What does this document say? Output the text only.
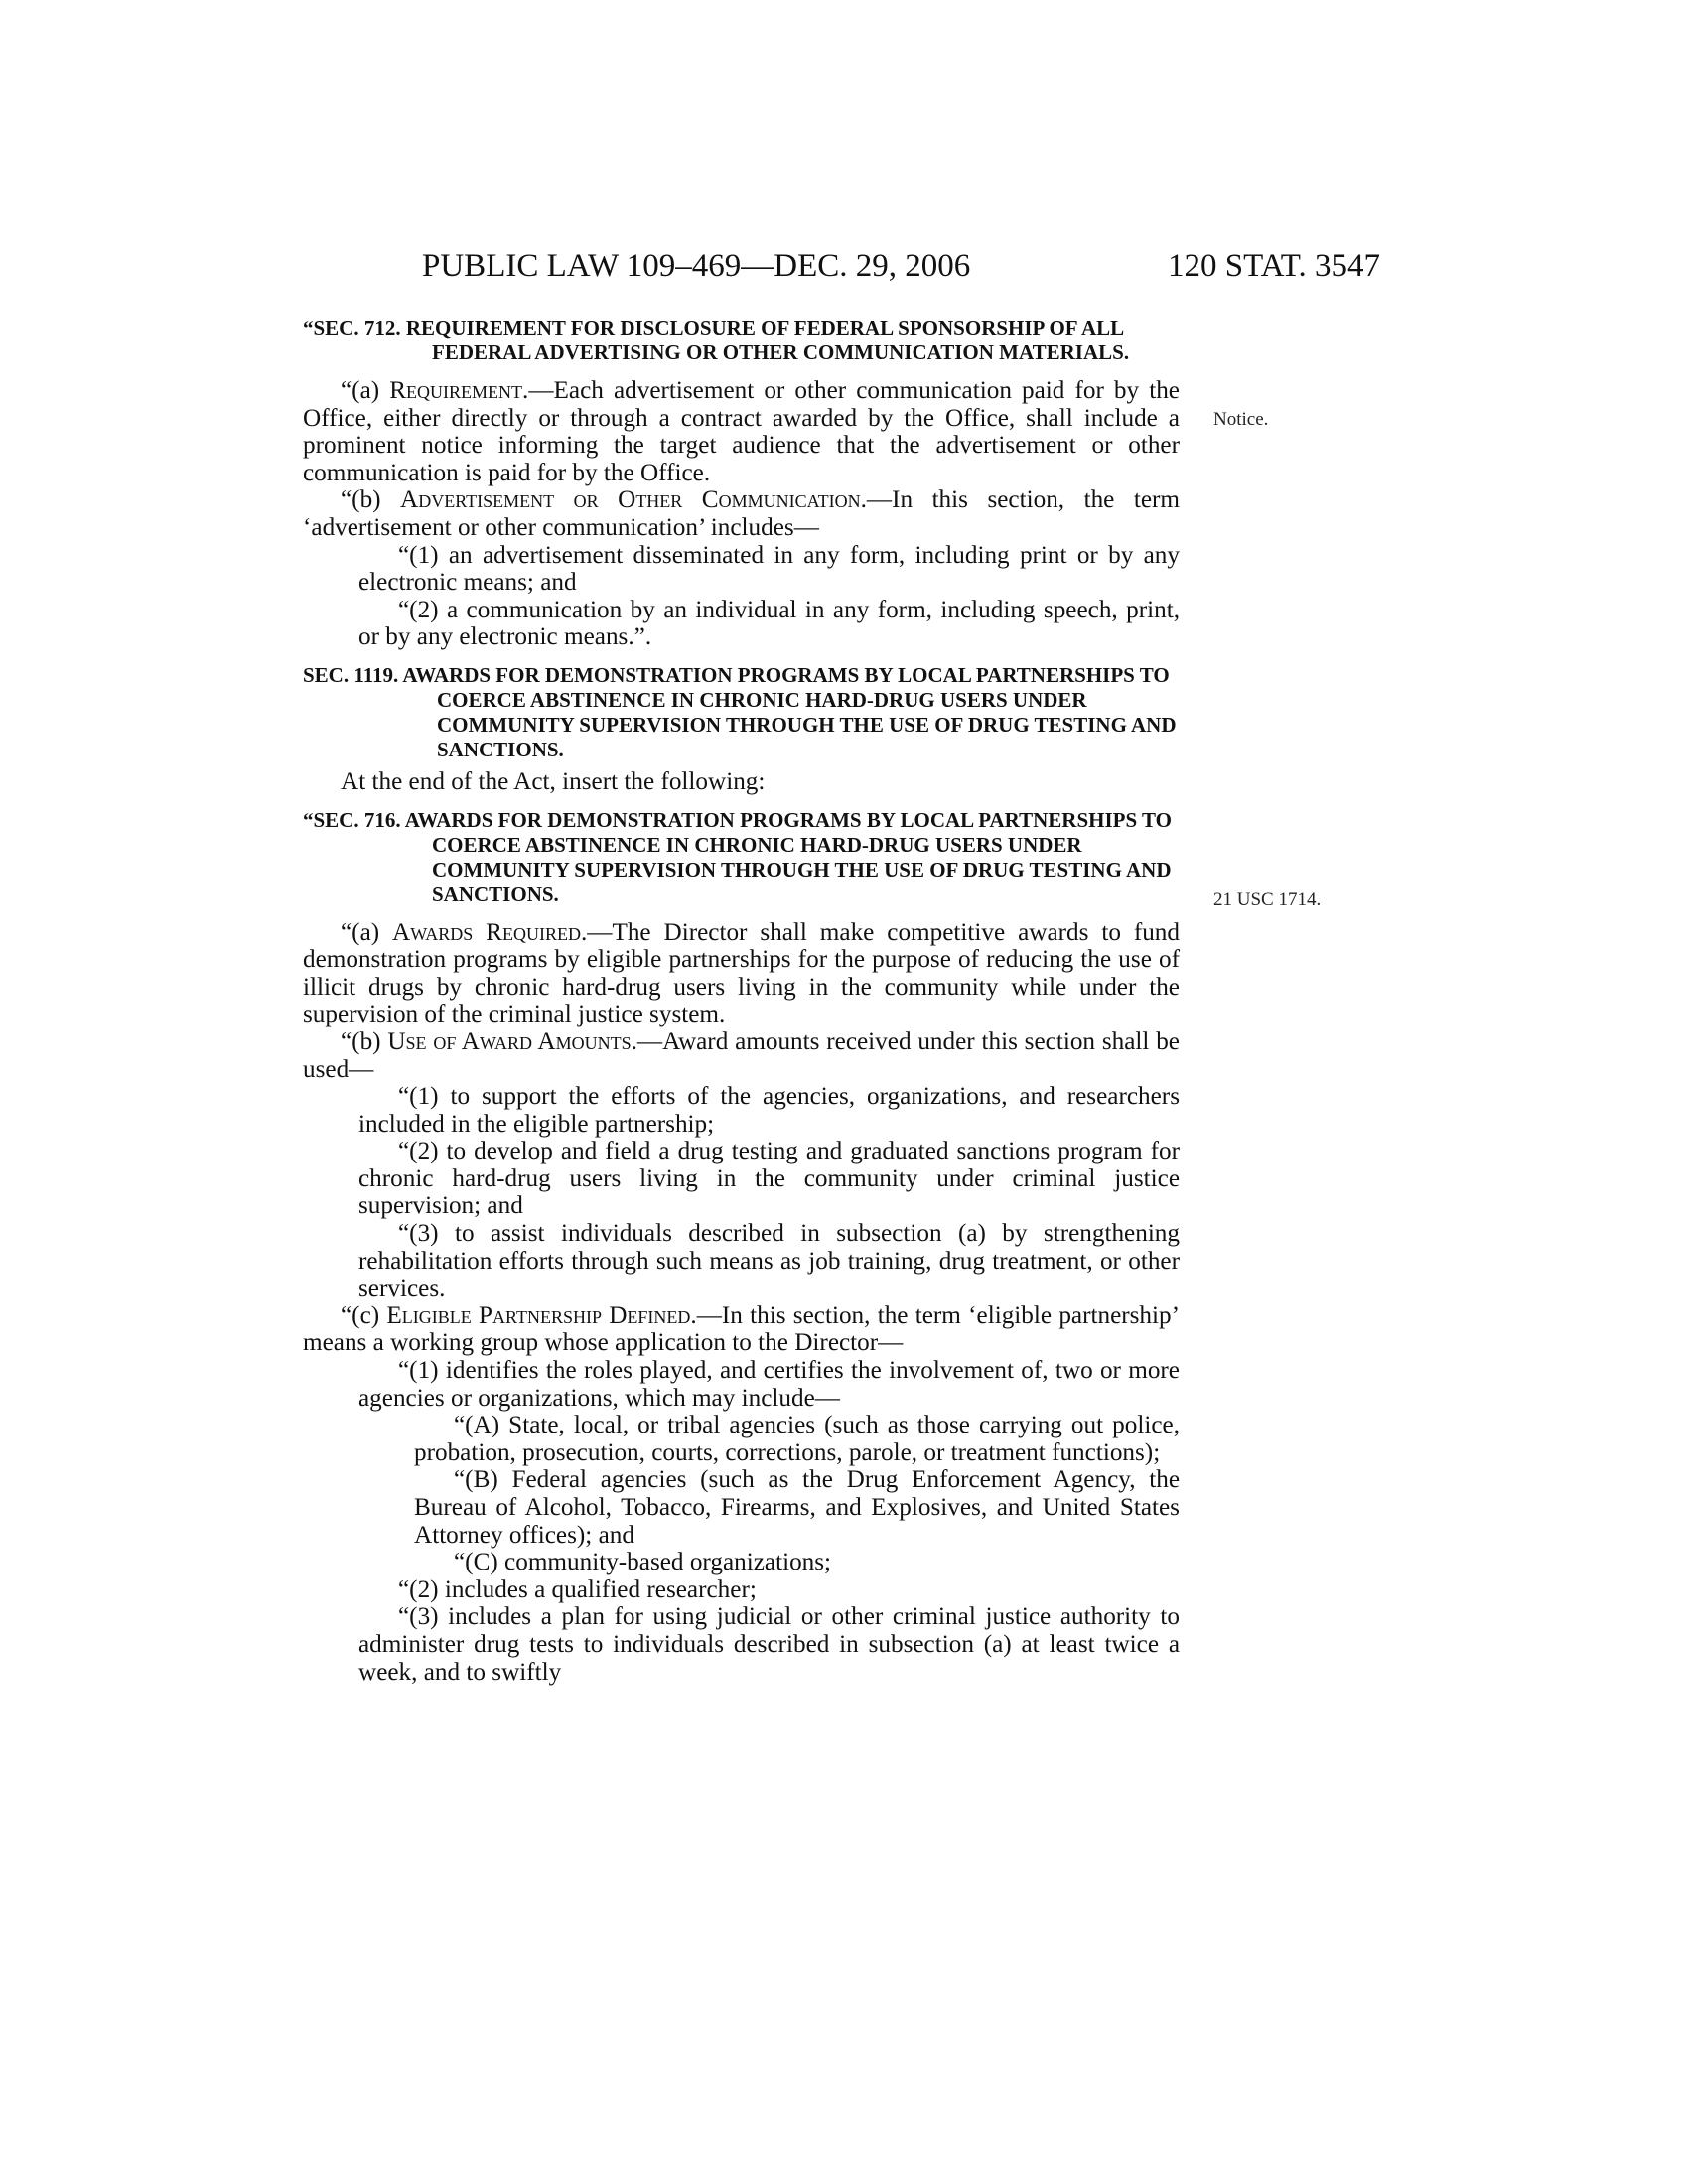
PUBLIC LAW 109–469—DEC. 29, 2006	120 STAT. 3547
Notice.
21 USC 1714.

“SEC. 712. REQUIREMENT FOR DISCLOSURE OF FEDERAL SPONSORSHIP OF ALL FEDERAL ADVERTISING OR OTHER COMMUNICATION MATERIALS.

“(a) Requirement.—Each advertisement or other communication paid for by the Office, either directly or through a contract awarded by the Office, shall include a prominent notice informing the target audience that the advertisement or other communication is paid for by the Office.

“(b) Advertisement or Other Communication.—In this section, the term ‘advertisement or other communication’ includes—

“(1) an advertisement disseminated in any form, including print or by any electronic means; and

“(2) a communication by an individual in any form, including speech, print, or by any electronic means.”.

SEC. 1119. AWARDS FOR DEMONSTRATION PROGRAMS BY LOCAL PARTNERSHIPS TO COERCE ABSTINENCE IN CHRONIC HARD-DRUG USERS UNDER COMMUNITY SUPERVISION THROUGH THE USE OF DRUG TESTING AND SANCTIONS.

At the end of the Act, insert the following:

“SEC. 716. AWARDS FOR DEMONSTRATION PROGRAMS BY LOCAL PARTNERSHIPS TO COERCE ABSTINENCE IN CHRONIC HARD-DRUG USERS UNDER COMMUNITY SUPERVISION THROUGH THE USE OF DRUG TESTING AND SANCTIONS.

“(a) Awards Required.—The Director shall make competitive awards to fund demonstration programs by eligible partnerships for the purpose of reducing the use of illicit drugs by chronic hard-drug users living in the community while under the supervision of the criminal justice system.

“(b) Use of Award Amounts.—Award amounts received under this section shall be used—

“(1) to support the efforts of the agencies, organizations, and researchers included in the eligible partnership;

“(2) to develop and field a drug testing and graduated sanctions program for chronic hard-drug users living in the community under criminal justice supervision; and

“(3) to assist individuals described in subsection (a) by strengthening rehabilitation efforts through such means as job training, drug treatment, or other services.

“(c) Eligible Partnership Defined.—In this section, the term ‘eligible partnership’ means a working group whose application to the Director—

“(1) identifies the roles played, and certifies the involvement of, two or more agencies or organizations, which may include—

“(A) State, local, or tribal agencies (such as those carrying out police, probation, prosecution, courts, corrections, parole, or treatment functions);

“(B) Federal agencies (such as the Drug Enforcement Agency, the Bureau of Alcohol, Tobacco, Firearms, and Explosives, and United States Attorney offices); and

“(C) community-based organizations;

“(2) includes a qualified researcher;

“(3) includes a plan for using judicial or other criminal justice authority to administer drug tests to individuals described in subsection (a) at least twice a week, and to swiftly
